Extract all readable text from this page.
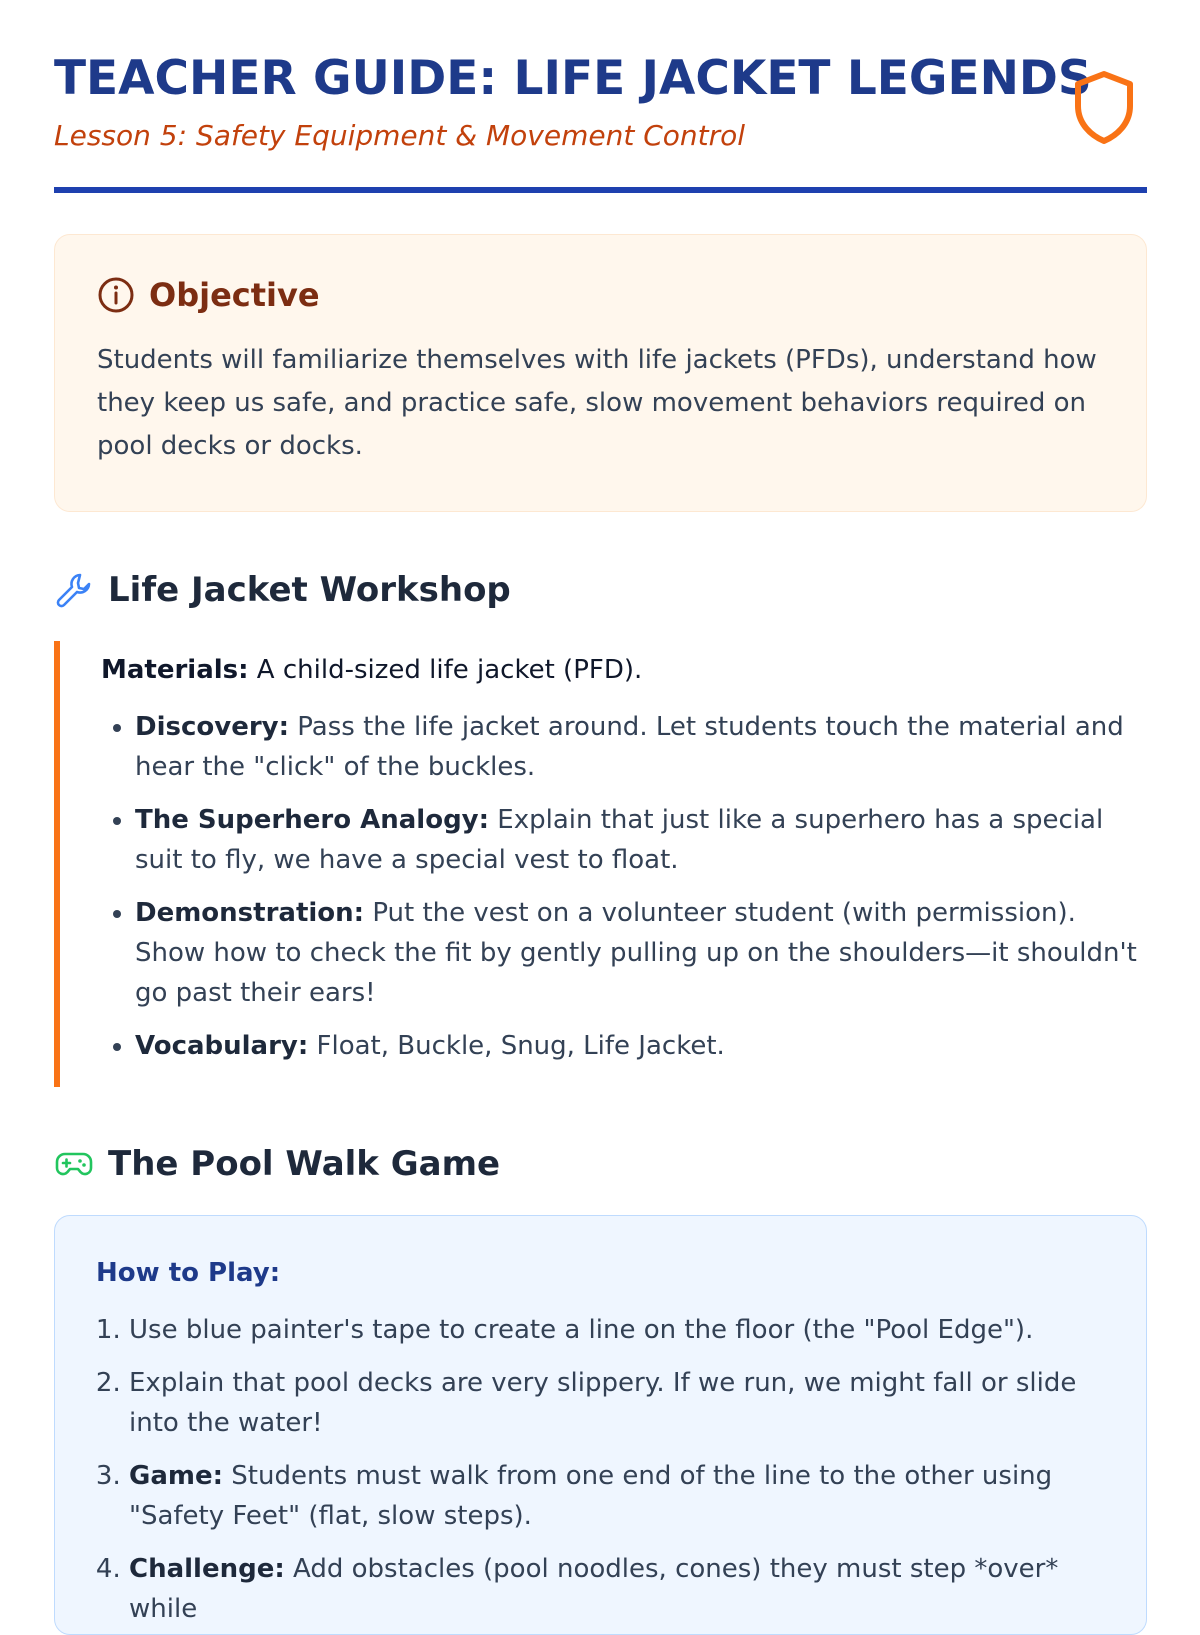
TEACHER GUIDE: LIFE JACKET LEGENDS

Lesson 5: Safety Equipment & Movement Control

Objective

Students will familiarize themselves with life jackets (PFDs), understand how they keep us safe, and practice safe, slow movement behaviors required on pool decks or docks.

Life Jacket Workshop

Materials: A child-sized life jacket (PFD).

• Discovery: Pass the life jacket around. Let students touch the material and hear the "click" of the buckles.
• The Superhero Analogy: Explain that just like a superhero has a special suit to fly, we have a special vest to float.
• Demonstration: Put the vest on a volunteer student (with permission). Show how to check the fit by gently pulling up on the shoulders—it shouldn't go past their ears!
• Vocabulary: Float, Buckle, Snug, Life Jacket.
The Pool Walk Game

How to Play:

1. Use blue painter's tape to create a line on the floor (the "Pool Edge").
2. Explain that pool decks are very slippery. If we run, we might fall or slide into the water!
3. Game: Students must walk from one end of the line to the other using "Safety Feet" (flat, slow steps).
4. Challenge: Add obstacles (pool noodles, cones) they must step *over* while
